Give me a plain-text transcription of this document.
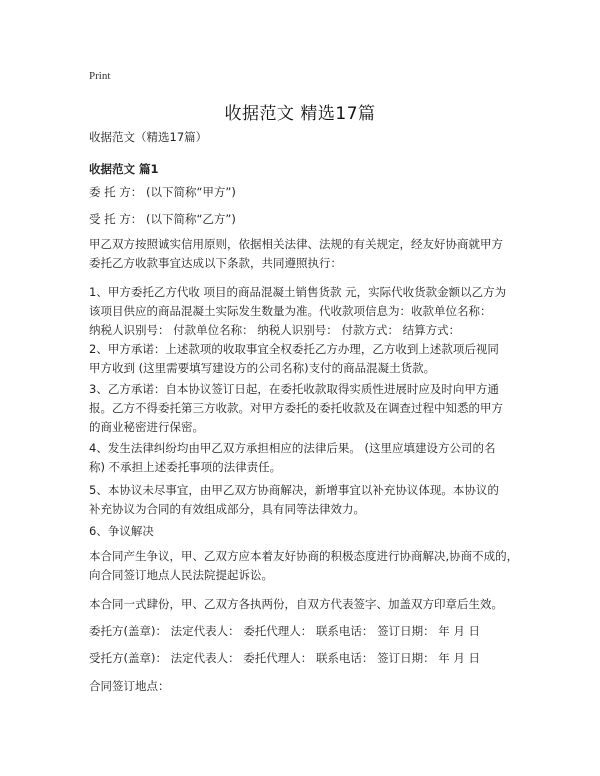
Print
收据范文 精选17篇
收据范文（精选17篇）
收据范文 篇1
委 托 方： (以下简称“甲方”)
受 托 方： (以下简称“乙方”)
甲乙双方按照诚实信用原则，依据相关法律、法规的有关规定，经友好协商就甲方
委托乙方收款事宜达成以下条款，共同遵照执行：
1、甲方委托乙方代收 项目的商品混凝土销售货款 元，实际代收货款金额以乙方为
该项目供应的商品混凝土实际发生数量为准。代收款项信息为：收款单位名称：
纳税人识别号： 付款单位名称： 纳税人识别号： 付款方式： 结算方式：
2、甲方承诺：上述款项的收取事宜全权委托乙方办理，乙方收到上述款项后视同
甲方收到 (这里需要填写建设方的公司名称)支付的商品混凝土货款。
3、乙方承诺：自本协议签订日起，在委托收款取得实质性进展时应及时向甲方通
报。乙方不得委托第三方收款。对甲方委托的委托收款及在调查过程中知悉的甲方
的商业秘密进行保密。
4、发生法律纠纷均由甲乙双方承担相应的法律后果。 (这里应填建设方公司的名
称) 不承担上述委托事项的法律责任。
5、本协议未尽事宜，由甲乙双方协商解决，新增事宜以补充协议体现。本协议的
补充协议为合同的有效组成部分，具有同等法律效力。
6、争议解决
本合同产生争议，甲、乙双方应本着友好协商的积极态度进行协商解决,协商不成的，
向合同签订地点人民法院提起诉讼。
本合同一式肆份，甲、乙双方各执两份，自双方代表签字、加盖双方印章后生效。
委托方(盖章)： 法定代表人： 委托代理人： 联系电话： 签订日期： 年 月 日
受托方(盖章)： 法定代表人： 委托代理人： 联系电话： 签订日期： 年 月 日
合同签订地点：
